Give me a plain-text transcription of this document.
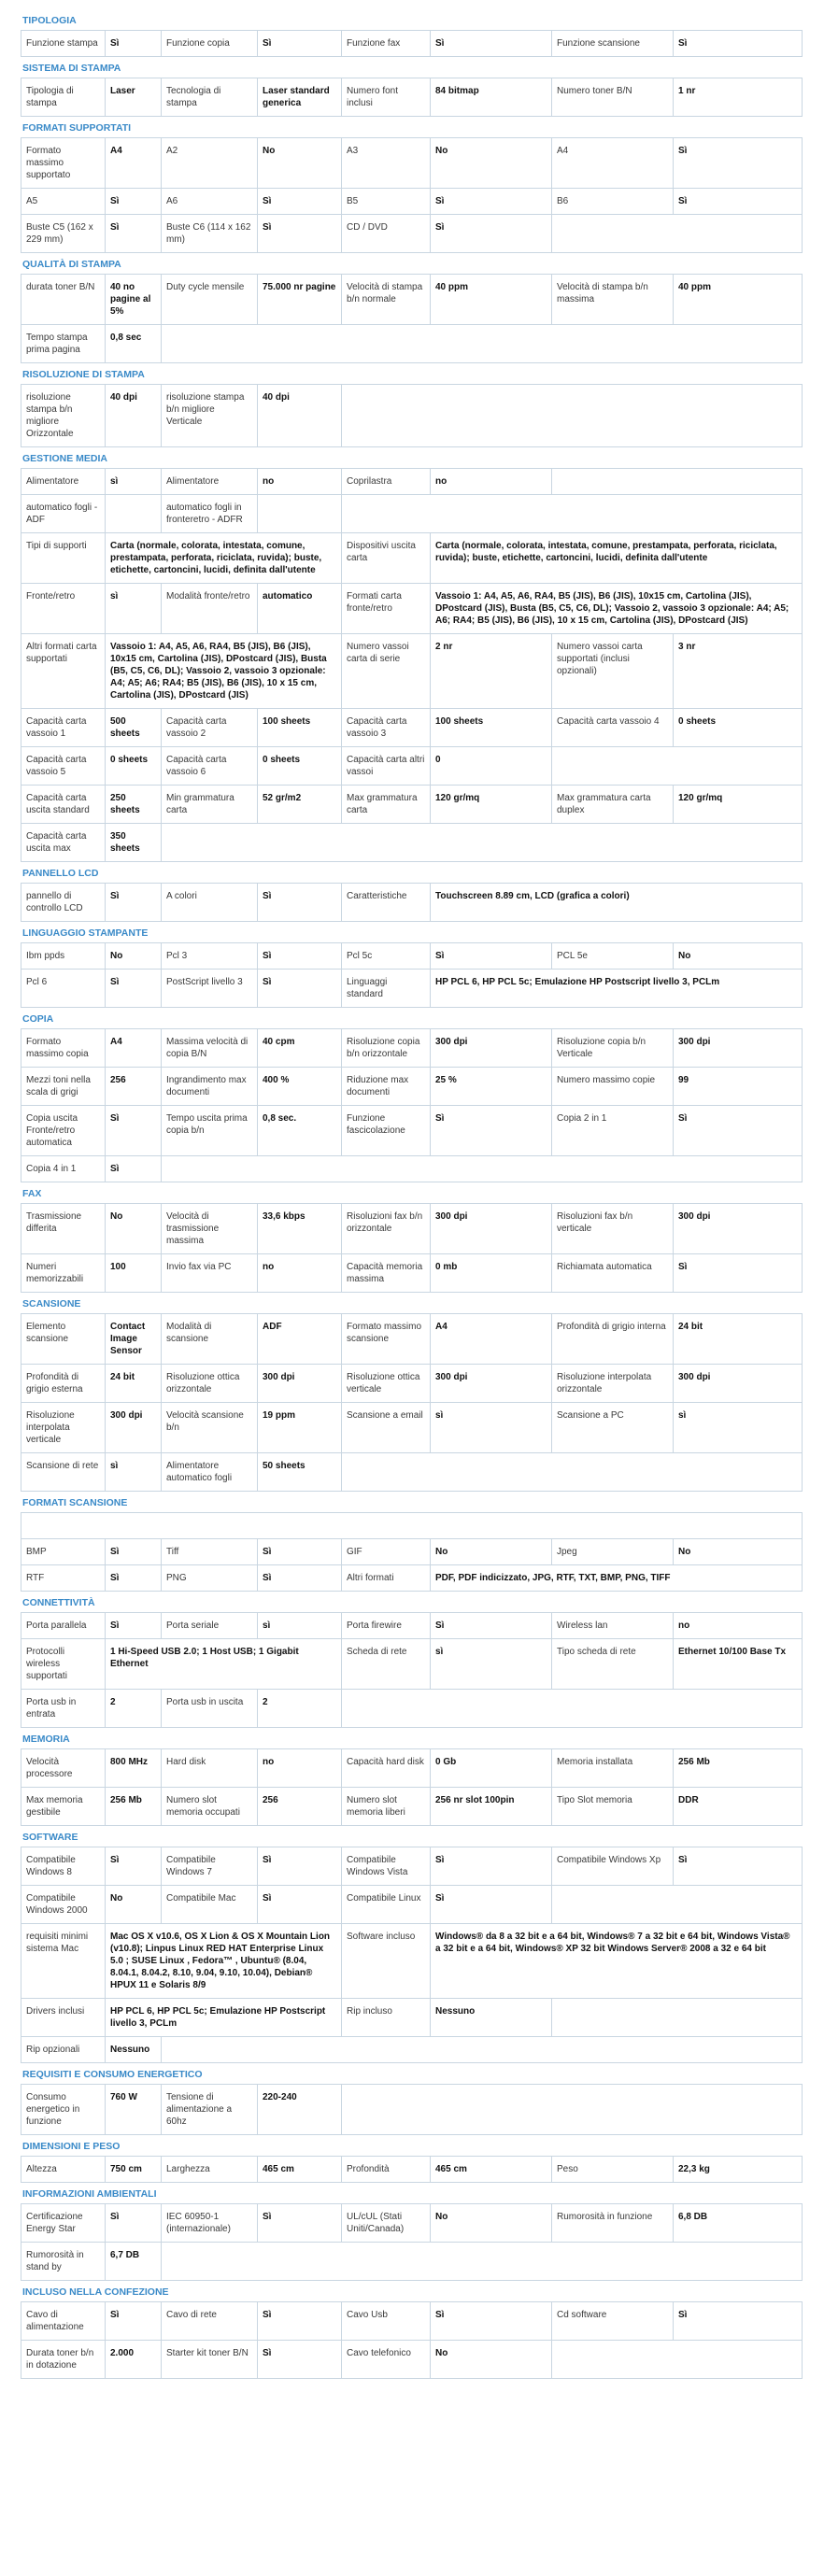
TIPOLOGIA
Funzione stampa	Sì	Funzione copia	Sì	Funzione fax	Sì	Funzione scansione	Sì
SISTEMA DI STAMPA
Tipologia di stampa	Laser	Tecnologia di stampa	Laser standard generica	Numero font inclusi	84 bitmap	Numero toner B/N	1 nr
FORMATI SUPPORTATI
Formato massimo supportato	A4	A2	No	A3	No	A4	Sì
A5	Sì	A6	Sì	B5	Sì	B6	Sì
Buste C5 (162 x 229 mm)	Sì	Buste C6 (114 x 162 mm)	Sì	CD / DVD	Sì		
QUALITÀ DI STAMPA
durata toner B/N	40 no pagine al 5%	Duty cycle mensile	75.000 nr pagine	Velocità di stampa b/n normale	40 ppm	Velocità di stampa b/n massima	40 ppm
Tempo stampa prima pagina	0,8 sec						
RISOLUZIONE DI STAMPA
risoluzione stampa b/n migliore Orizzontale	40 dpi	risoluzione stampa b/n migliore Verticale	40 dpi	
GESTIONE MEDIA
Alimentatore	sì	Alimentatore	no	Coprilastra	no		
automatico fogli - ADF		automatico fogli in fronteretro - ADFR					
Tipi di supporti	Carta (normale, colorata, intestata, comune, prestampata, perforata, riciclata, ruvida); buste, etichette, cartoncini, lucidi, definita dall'utente			Dispositivi uscita carta	Carta (normale, colorata, intestata, comune, prestampata, perforata, riciclata, ruvida); buste, etichette, cartoncini, lucidi, definita dall'utente		
Fronte/retro	sì	Modalità fronte/retro	automatico	Formati carta fronte/retro	Vassoio 1: A4, A5, A6, RA4, B5 (JIS), B6 (JIS), 10x15 cm, Cartolina (JIS), DPostcard (JIS), Busta (B5, C5, C6, DL); Vassoio 2, vassoio 3 opzionale: A4; A5; A6; RA4; B5 (JIS), B6 (JIS), 10 x 15 cm, Cartolina (JIS), DPostcard (JIS)		
Altri formati carta supportati	Vassoio 1: A4, A5, A6, RA4, B5 (JIS), B6 (JIS), 10x15 cm, Cartolina (JIS), DPostcard (JIS), Busta (B5, C5, C6, DL); Vassoio 2, vassoio 3 opzionale: A4; A5; A6; RA4; B5 (JIS), B6 (JIS), 10 x 15 cm, Cartolina (JIS), DPostcard (JIS)			Numero vassoi carta di serie	2 nr	Numero vassoi carta supportati (inclusi opzionali)	3 nr
Capacità carta vassoio 1	500 sheets	Capacità carta vassoio 2	100 sheets	Capacità carta vassoio 3	100 sheets	Capacità carta vassoio 4	0 sheets
Capacità carta vassoio 5	0 sheets	Capacità carta vassoio 6	0 sheets	Capacità carta altri vassoi	0		
Capacità carta uscita standard	250 sheets	Min grammatura carta	52 gr/m2	Max grammatura carta	120 gr/mq	Max grammatura carta duplex	120 gr/mq
Capacità carta uscita max	350 sheets						
PANNELLO LCD
pannello di controllo LCD	Sì	A colori	Sì	Caratteristiche	Touchscreen 8.89 cm, LCD (grafica a colori)
LINGUAGGIO STAMPANTE
Ibm ppds	No	Pcl 3	Sì	Pcl 5c	Sì	PCL 5e	No
Pcl 6	Sì	PostScript livello 3	Sì	Linguaggi standard	HP PCL 6, HP PCL 5c; Emulazione HP Postscript livello 3, PCLm		
COPIA
Formato massimo copia	A4	Massima velocità di copia B/N	40 cpm	Risoluzione copia b/n orizzontale	300 dpi	Risoluzione copia b/n Verticale	300 dpi
Mezzi toni nella scala di grigi	256	Ingrandimento max documenti	400 %	Riduzione max documenti	25 %	Numero massimo copie	99
Copia uscita Fronte/retro automatica	Sì	Tempo uscita prima copia b/n	0,8 sec.	Funzione fascicolazione	Sì	Copia 2 in 1	Sì
Copia 4 in 1	Sì						
FAX
Trasmissione differita	No	Velocità di trasmissione massima	33,6 kbps	Risoluzioni fax b/n orizzontale	300 dpi	Risoluzioni fax b/n verticale	300 dpi
Numeri memorizzabili	100	Invio fax via PC	no	Capacità memoria massima	0 mb	Richiamata automatica	Sì
SCANSIONE
Elemento scansione	Contact Image Sensor	Modalità di scansione	ADF	Formato massimo scansione	A4	Profondità di grigio interna	24 bit
Profondità di grigio esterna	24 bit	Risoluzione ottica orizzontale	300 dpi	Risoluzione ottica verticale	300 dpi	Risoluzione interpolata orizzontale	300 dpi
Risoluzione interpolata verticale	300 dpi	Velocità scansione b/n	19 ppm	Scansione a email	sì	Scansione a PC	sì
Scansione di rete	sì	Alimentatore automatico fogli	50 sheets				
FORMATI SCANSIONE

BMP	Sì	Tiff	Sì	GIF	No	Jpeg	No
RTF	Sì	PNG	Sì	Altri formati	PDF, PDF indicizzato, JPG, RTF, TXT, BMP, PNG, TIFF		
CONNETTIVITÀ
Porta parallela	Sì	Porta seriale	sì	Porta firewire	Sì	Wireless lan	no
Protocolli wireless supportati	1 Hi-Speed USB 2.0; 1 Host USB; 1 Gigabit Ethernet			Scheda di rete	sì	Tipo scheda di rete	Ethernet 10/100 Base Tx
Porta usb in entrata	2	Porta usb in uscita	2				
MEMORIA
Velocità processore	800 MHz	Hard disk	no	Capacità hard disk	0 Gb	Memoria installata	256 Mb
Max memoria gestibile	256 Mb	Numero slot memoria occupati	256	Numero slot memoria liberi	256 nr slot 100pin	Tipo Slot memoria	DDR
SOFTWARE
Compatibile Windows 8	Sì	Compatibile Windows 7	Sì	Compatibile Windows Vista	Sì	Compatibile Windows Xp	Sì
Compatibile Windows 2000	No	Compatibile Mac	Sì	Compatibile Linux	Sì		
requisiti minimi sistema Mac	Mac OS X v10.6, OS X Lion & OS X Mountain Lion (v10.8); Linpus Linux RED HAT Enterprise Linux 5.0 ; SUSE Linux , Fedora™ , Ubuntu® (8.04, 8.04.1, 8.04.2, 8.10, 9.04, 9.10, 10.04), Debian® HPUX 11 e Solaris 8/9			Software incluso	Windows® da 8 a 32 bit e a 64 bit, Windows® 7 a 32 bit e 64 bit, Windows Vista® a 32 bit e a 64 bit, Windows® XP 32 bit Windows Server® 2008 a 32 e 64 bit		
Drivers inclusi	HP PCL 6, HP PCL 5c; Emulazione HP Postscript livello 3, PCLm			Rip incluso	Nessuno		
Rip opzionali	Nessuno						
REQUISITI E CONSUMO ENERGETICO
Consumo energetico in funzione	760 W	Tensione di alimentazione a 60hz	220-240	
DIMENSIONI E PESO
Altezza	750 cm	Larghezza	465 cm	Profondità	465 cm	Peso	22,3 kg
INFORMAZIONI AMBIENTALI
Certificazione Energy Star	Sì	IEC 60950-1 (internazionale)	Sì	UL/cUL (Stati Uniti/Canada)	No	Rumorosità in funzione	6,8 DB
Rumorosità in stand by	6,7 DB						
INCLUSO NELLA CONFEZIONE
Cavo di alimentazione	Sì	Cavo di rete	Sì	Cavo Usb	Sì	Cd software	Sì
Durata toner b/n in dotazione	2.000	Starter kit toner B/N	Sì	Cavo telefonico	No		
